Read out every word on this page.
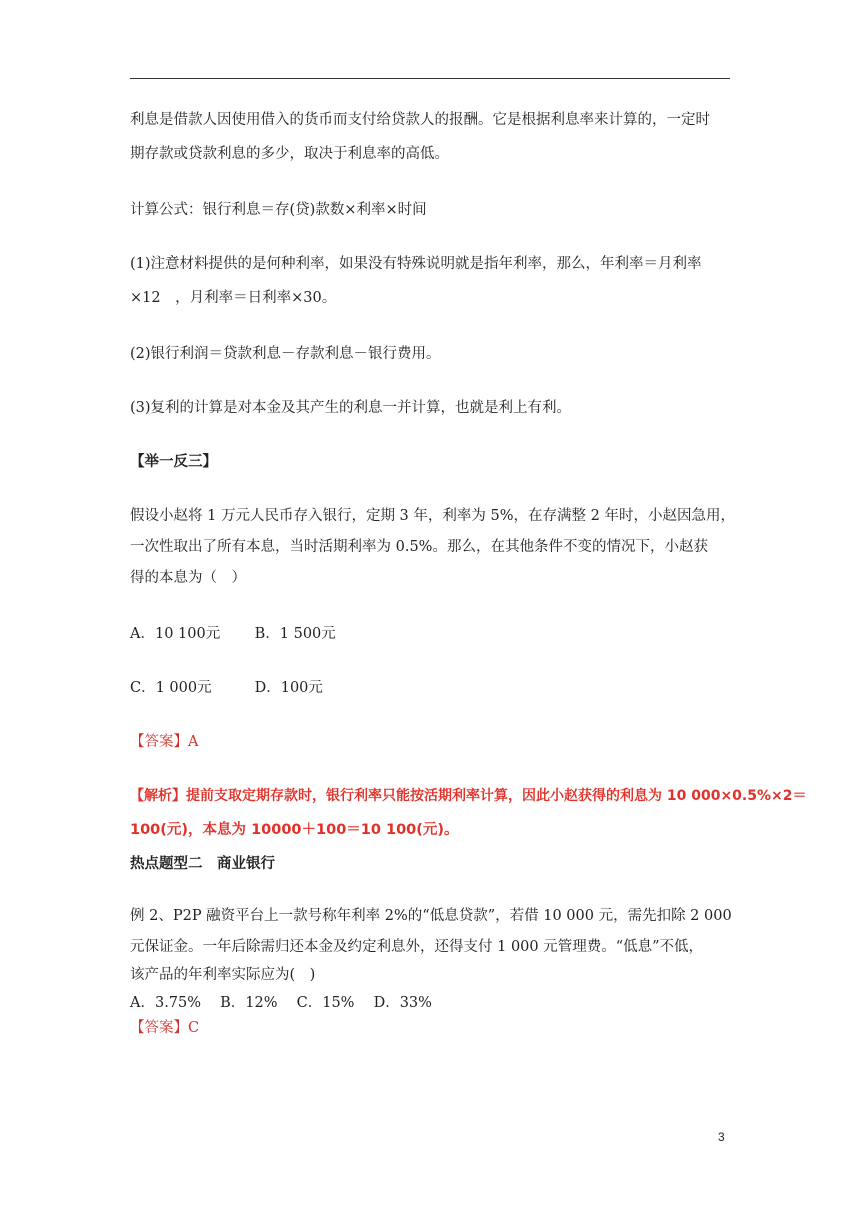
利息是借款人因使用借入的货币而支付给贷款人的报酬。它是根据利息率来计算的，一定时
期存款或贷款利息的多少，取决于利息率的高低。
计算公式：银行利息＝存(贷)款数×利率×时间
(1)注意材料提供的是何种利率，如果没有特殊说明就是指年利率，那么，年利率＝月利率
×12　，月利率＝日利率×30。
(2)银行利润＝贷款利息－存款利息－银行费用。
(3)复利的计算是对本金及其产生的利息一并计算，也就是利上有利。
【举一反三】
假设小赵将 1 万元人民币存入银行，定期 3 年，利率为 5%，在存满整 2 年时，小赵因急用，
一次性取出了所有本息，当时活期利率为 0.5%。那么，在其他条件不变的情况下，小赵获
得的本息为（　）
A．10 100元 B．1 500元
C．1 000元	D．100元
【答案】A
【解析】提前支取定期存款时，银行利率只能按活期利率计算，因此小赵获得的利息为 10 000×0.5%×2＝
100(元)，本息为 10000＋100＝10 100(元)。
热点题型二　商业银行
例 2、P2P 融资平台上一款号称年利率 2%的“低息贷款”，若借 10 000 元，需先扣除 2 000
元保证金。一年后除需归还本金及约定利息外，还得支付 1 000 元管理费。“低息”不低，
该产品的年利率实际应为(　)
A．3.75%　 B．12%　 C．15%　 D．33%
【答案】C
3
